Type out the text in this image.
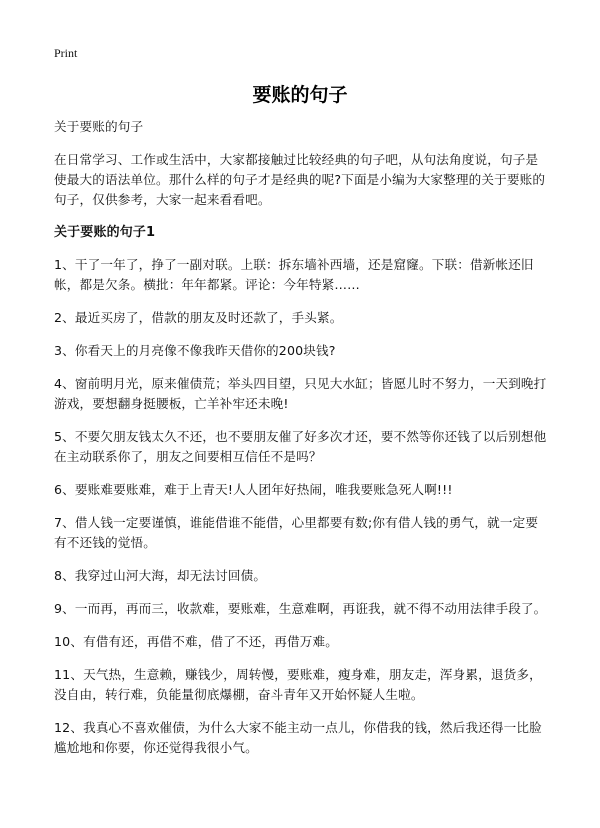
Print
要账的句子

关于要账的句子

在日常学习、工作或生活中，大家都接触过比较经典的句子吧，从句法角度说，句子是使最大的语法单位。那什么样的句子才是经典的呢?下面是小编为大家整理的关于要账的句子，仅供参考，大家一起来看看吧。

关于要账的句子1

1、干了一年了，挣了一副对联。上联：拆东墙补西墙，还是窟窿。下联：借新帐还旧帐，都是欠条。横批：年年都紧。评论：今年特紧……

2、最近买房了，借款的朋友及时还款了，手头紧。

3、你看天上的月亮像不像我昨天借你的200块钱?

4、窗前明月光，原来催债荒；举头四目望，只见大水缸；皆愿儿时不努力，一天到晚打游戏，要想翻身挺腰板，亡羊补牢还未晚!

5、不要欠朋友钱太久不还，也不要朋友催了好多次才还，要不然等你还钱了以后别想他在主动联系你了，朋友之间要相互信任不是吗？

6、要账难要账难，难于上青天!人人团年好热闹，唯我要账急死人啊!!!

7、借人钱一定要谨慎，谁能借谁不能借，心里都要有数;你有借人钱的勇气，就一定要有不还钱的觉悟。

8、我穿过山河大海，却无法讨回债。

9、一而再，再而三，收款难，要账难，生意难啊，再诳我，就不得不动用法律手段了。

10、有借有还，再借不难，借了不还，再借万难。

11、天气热，生意赖，赚钱少，周转慢，要账难，瘦身难，朋友走，浑身累，退货多，没自由，转行难，负能量彻底爆棚，奋斗青年又开始怀疑人生啦。

12、我真心不喜欢催债，为什么大家不能主动一点儿，你借我的钱，然后我还得一比脸尴尬地和你要，你还觉得我很小气。
